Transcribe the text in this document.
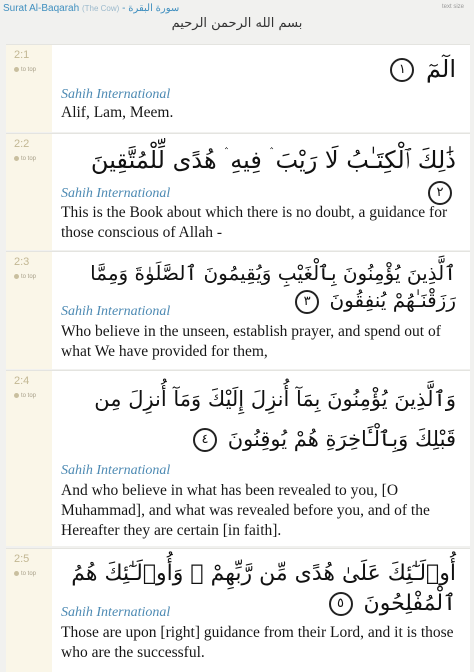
Surat Al-Baqarah (The Cow) - سورة البقرة	text size
بسم الله الرحمن الرحيم
2:1
to top	الٓمٓ ١
Sahih International
Alif, Lam, Meem.
2:2
to top	ذَٰلِكَ ٱلْكِتَـٰبُ لَا رَيْبَ ۛ فِيهِ ۛ هُدًى لِّلْمُتَّقِينَ ٢
Sahih International
This is the Book about which there is no doubt, a guidance for those conscious of Allah -
2:3
to top	ٱلَّذِينَ يُؤْمِنُونَ بِٱلْغَيْبِ وَيُقِيمُونَ ٱلصَّلَوٰةَ وَمِمَّا رَزَقْنَـٰهُمْ يُنفِقُونَ ٣
Sahih International
Who believe in the unseen, establish prayer, and spend out of what We have provided for them,
2:4
to top	وَٱلَّذِينَ يُؤْمِنُونَ بِمَآ أُنزِلَ إِلَيْكَ وَمَآ أُنزِلَ مِن قَبْلِكَ وَبِٱلْـَٔاخِرَةِ هُمْ يُوقِنُونَ ٤
Sahih International
And who believe in what has been revealed to you, [O Muhammad], and what was revealed before you, and of the Hereafter they are certain [in faith].
2:5
to top	أُو۟لَـٰٓئِكَ عَلَىٰ هُدًى مِّن رَّبِّهِمْ ۖ وَأُو۟لَـٰٓئِكَ هُمُ ٱلْمُفْلِحُونَ ٥
Sahih International
Those are upon [right] guidance from their Lord, and it is those who are the successful.
